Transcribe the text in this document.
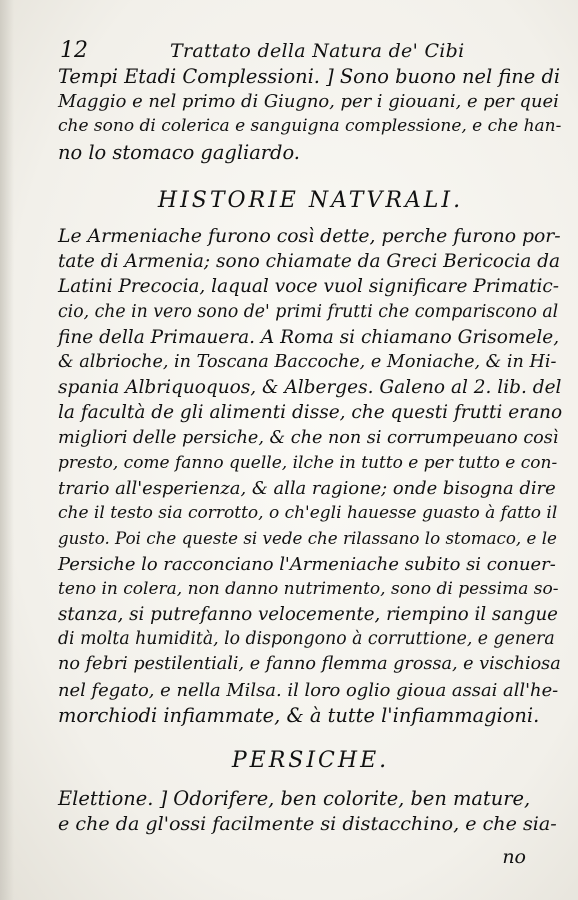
12	Trattato della Natura de' Cibi
Tempi Etadi Complessioni. ] Sono buono nel fine di
Maggio e nel primo di Giugno, per i giouani, e per quei
che sono di colerica e sanguigna complessione, e che han-
no lo stomaco gagliardo.
HISTORIE NATVRALI.
Le Armeniache furono così dette, perche furono por-
tate di Armenia; sono chiamate da Greci Bericocia da
Latini Precocia, laqual voce vuol significare Primatic-
cio, che in vero sono de' primi frutti che compariscono al
fine della Primauera. A Roma si chiamano Grisomele,
& albrioche, in Toscana Baccoche, e Moniache, & in Hi-
spania Albriquoquos, & Alberges. Galeno al 2. lib. del
la facultà de gli alimenti disse, che questi frutti erano
migliori delle persiche, & che non si corrumpeuano così
presto, come fanno quelle, ilche in tutto e per tutto e con-
trario all'esperienza, & alla ragione; onde bisogna dire
che il testo sia corrotto, o ch'egli hauesse guasto à fatto il
gusto. Poi che queste si vede che rilassano lo stomaco, e le
Persiche lo racconciano l'Armeniache subito si conuer-
teno in colera, non danno nutrimento, sono di pessima so-
stanza, si putrefanno velocemente, riempino il sangue
di molta humidità, lo dispongono à corruttione, e genera
no febri pestilentiali, e fanno flemma grossa, e vischiosa
nel fegato, e nella Milsa. il loro oglio gioua assai all'he-
morchiodi infiammate, & à tutte l'infiammagioni.
PERSICHE.
Elettione. ] Odorifere, ben colorite, ben mature,
e che da gl'ossi facilmente si distacchino, e che sia-
no
